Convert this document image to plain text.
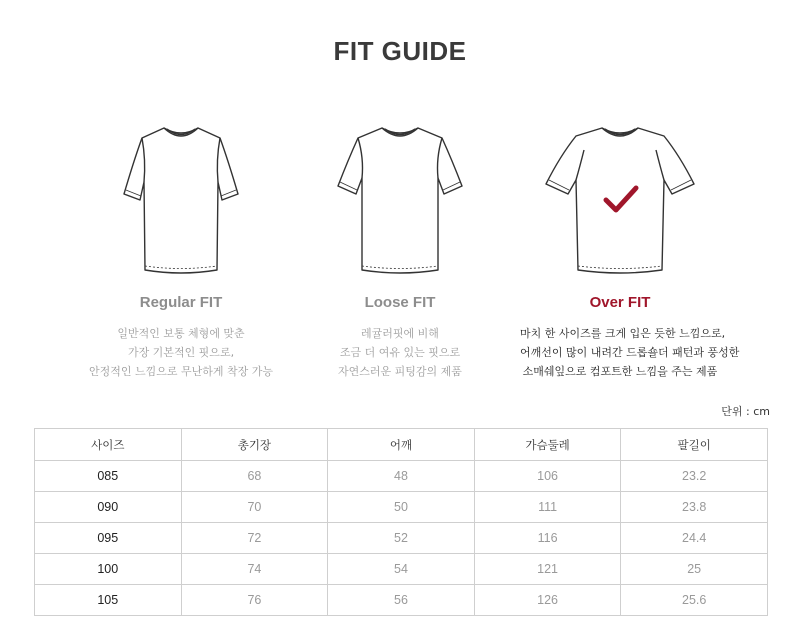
FIT GUIDE
Regular FIT
일반적인 보통 체형에 맞춘
가장 기본적인 핏으로,
안정적인 느낌으로 무난하게 착장 가능
Loose FIT
레귤러핏에 비해
조금 더 여유 있는 핏으로
자연스러운 피팅감의 제품
Over FIT
마치 한 사이즈를 크게 입은 듯한 느낌으로,
어깨선이 많이 내려간 드롭숄더 패턴과 풍성한
소매쉐잎으로 컴포트한 느낌을 주는 제품
단위 : cm
사이즈	총기장	어깨	가슴둘레	팔길이
085	68	48	106	23.2
090	70	50	111	23.8
095	72	52	116	24.4
100	74	54	121	25
105	76	56	126	25.6
